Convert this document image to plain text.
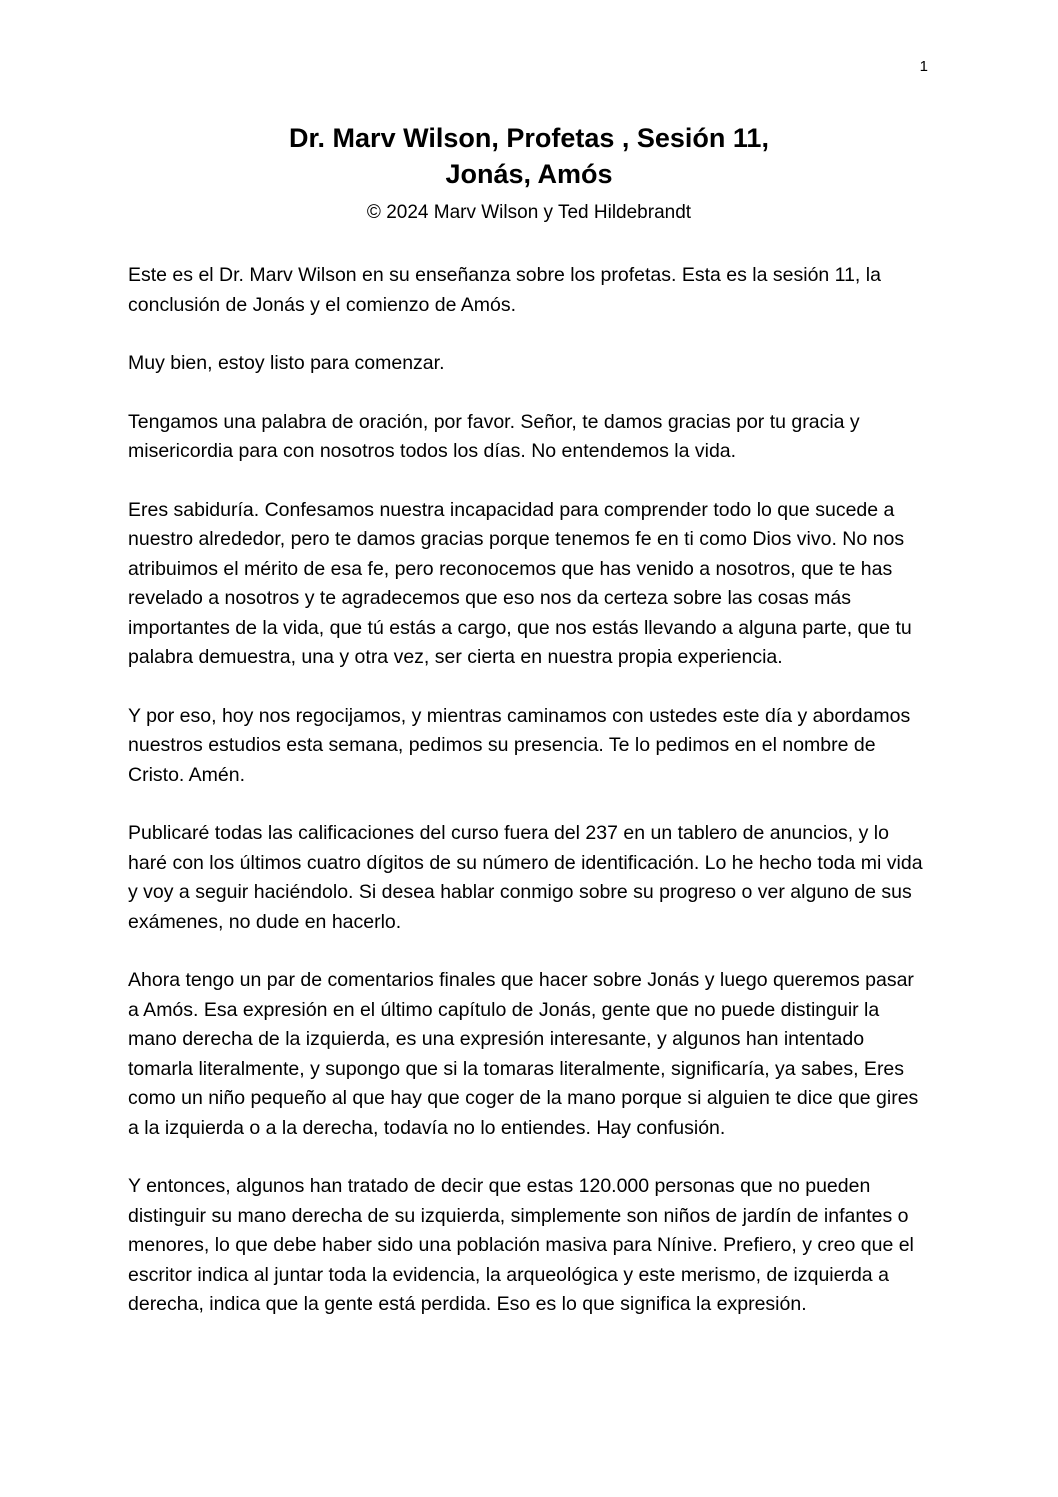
1
Dr. Marv Wilson, Profetas , Sesión 11,
Jonás, Amós
© 2024 Marv Wilson y Ted Hildebrandt

Este es el Dr. Marv Wilson en su enseñanza sobre los profetas. Esta es la sesión 11, la conclusión de Jonás y el comienzo de Amós.

Muy bien, estoy listo para comenzar.

Tengamos una palabra de oración, por favor. Señor, te damos gracias por tu gracia y misericordia para con nosotros todos los días. No entendemos la vida.

Eres sabiduría. Confesamos nuestra incapacidad para comprender todo lo que sucede a nuestro alrededor, pero te damos gracias porque tenemos fe en ti como Dios vivo. No nos atribuimos el mérito de esa fe, pero reconocemos que has venido a nosotros, que te has revelado a nosotros y te agradecemos que eso nos da certeza sobre las cosas más importantes de la vida, que tú estás a cargo, que nos estás llevando a alguna parte, que tu palabra demuestra, una y otra vez, ser cierta en nuestra propia experiencia.

Y por eso, hoy nos regocijamos, y mientras caminamos con ustedes este día y abordamos nuestros estudios esta semana, pedimos su presencia. Te lo pedimos en el nombre de Cristo. Amén.

Publicaré todas las calificaciones del curso fuera del 237 en un tablero de anuncios, y lo haré con los últimos cuatro dígitos de su número de identificación. Lo he hecho toda mi vida y voy a seguir haciéndolo. Si desea hablar conmigo sobre su progreso o ver alguno de sus exámenes, no dude en hacerlo.

Ahora tengo un par de comentarios finales que hacer sobre Jonás y luego queremos pasar a Amós. Esa expresión en el último capítulo de Jonás, gente que no puede distinguir la mano derecha de la izquierda, es una expresión interesante, y algunos han intentado tomarla literalmente, y supongo que si la tomaras literalmente, significaría, ya sabes, Eres como un niño pequeño al que hay que coger de la mano porque si alguien te dice que gires a la izquierda o a la derecha, todavía no lo entiendes. Hay confusión.

Y entonces, algunos han tratado de decir que estas 120.000 personas que no pueden distinguir su mano derecha de su izquierda, simplemente son niños de jardín de infantes o menores, lo que debe haber sido una población masiva para Nínive. Prefiero, y creo que el escritor indica al juntar toda la evidencia, la arqueológica y este merismo, de izquierda a derecha, indica que la gente está perdida. Eso es lo que significa la expresión.
